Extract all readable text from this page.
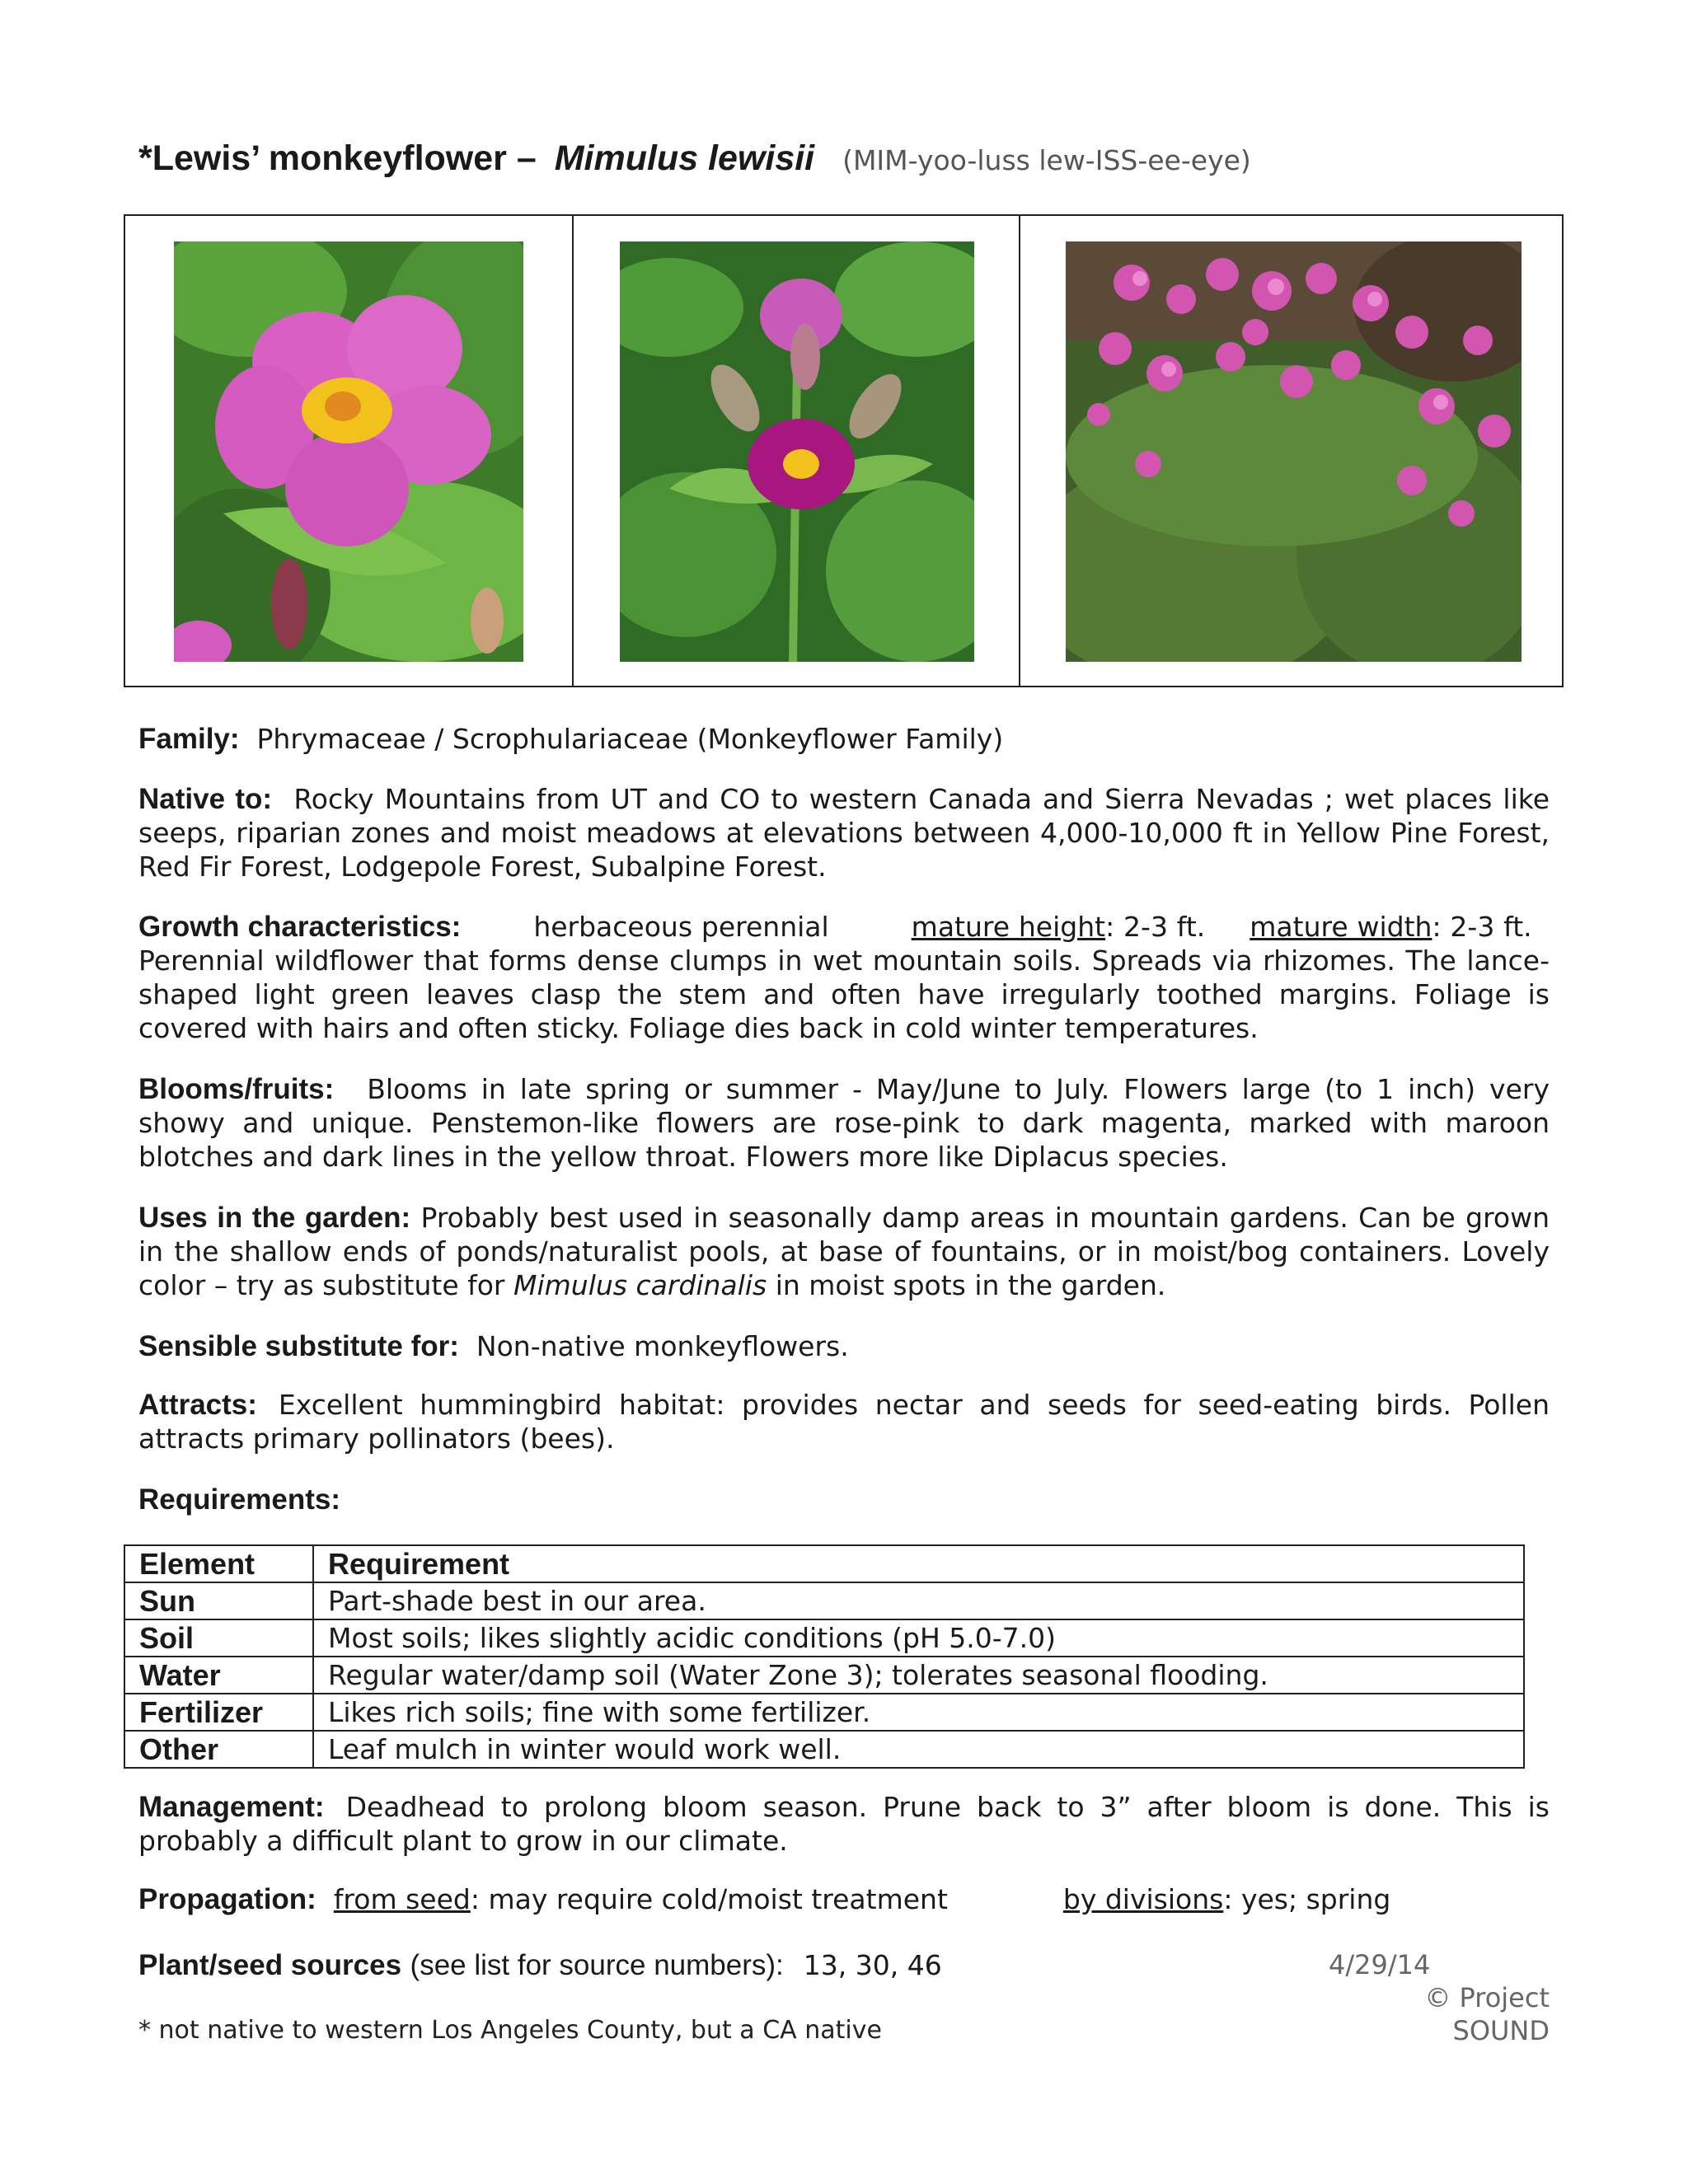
*Lewis’ monkeyflower – Mimulus lewisii (MIM-yoo-luss lew-ISS-ee-eye)
Family: Phrymaceae / Scrophulariaceae (Monkeyflower Family)
Native to: Rocky Mountains from UT and CO to western Canada and Sierra Nevadas ; wet places like seeps, riparian zones and moist meadows at elevations between 4,000-10,000 ft in Yellow Pine Forest, Red Fir Forest, Lodgepole Forest, Subalpine Forest.
Growth characteristics:	herbaceous perennial	mature height: 2-3 ft. mature width: 2-3 ft.   Perennial wildflower that forms dense clumps in wet mountain soils. Spreads via rhizomes. The lance-shaped light green leaves clasp the stem and often have irregularly toothed margins. Foliage is covered with hairs and often sticky. Foliage dies back in cold winter temperatures.
Blooms/fruits: Blooms in late spring or summer - May/June to July. Flowers large (to 1 inch) very showy and unique. Penstemon-like flowers are rose-pink to dark magenta, marked with maroon blotches and dark lines in the yellow throat. Flowers more like Diplacus species.
Uses in the garden: Probably best used in seasonally damp areas in mountain gardens. Can be grown in the shallow ends of ponds/naturalist pools, at base of fountains, or in moist/bog containers. Lovely color – try as substitute for Mimulus cardinalis in moist spots in the garden.
Sensible substitute for: Non-native monkeyflowers.
Attracts: Excellent hummingbird habitat: provides nectar and seeds for seed-eating birds. Pollen attracts primary pollinators (bees).
Requirements:
Element	Requirement
Sun	Part-shade best in our area.
Soil	Most soils; likes slightly acidic conditions (pH 5.0-7.0)
Water	Regular water/damp soil (Water Zone 3); tolerates seasonal flooding.
Fertilizer	Likes rich soils; fine with some fertilizer.
Other	Leaf mulch in winter would work well.
Management: Deadhead to prolong bloom season. Prune back to 3” after bloom is done. This is probably a difficult plant to grow in our climate.
Propagation: from seed: may require cold/moist treatment	by divisions: yes; spring
Plant/seed sources (see list for source numbers): 13, 30, 46	4/29/14
© Project SOUND
* not native to western Los Angeles County, but a CA native
